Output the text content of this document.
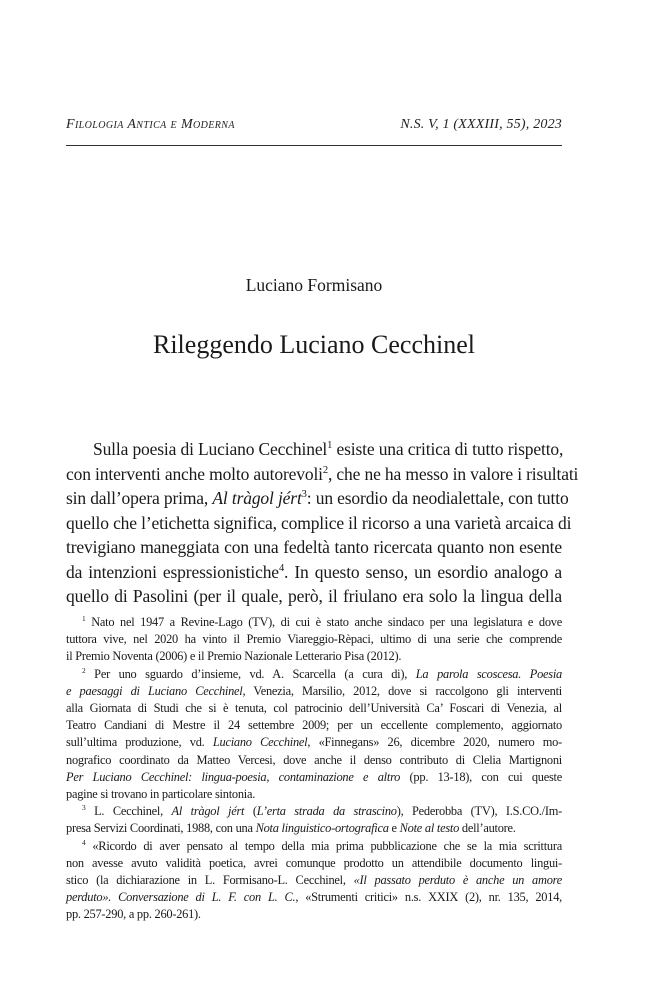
Filologia Antica e Moderna	N.S. V, 1 (XXXIII, 55), 2023
Luciano Formisano
Rileggendo Luciano Cecchinel
Sulla poesia di Luciano Cecchinel$^1$ esiste una critica di tutto rispetto,
con interventi anche molto autorevoli$^2$, che ne ha messo in valore i risultati
sin dall’opera prima, Al tràgol jért$^3$: un esordio da neodialettale, con tutto
quello che l’etichetta significa, complice il ricorso a una varietà arcaica di
trevigiano maneggiata con una fedeltà tanto ricercata quanto non esente
da intenzioni espressionistiche$^4$. In questo senso, un esordio analogo a
quello di Pasolini (per il quale, però, il friulano era solo la lingua della
$^1$ Nato nel 1947 a Revine-Lago (TV), di cui è stato anche sindaco per una legislatura e dove
tuttora vive, nel 2020 ha vinto il Premio Viareggio-Rèpaci, ultimo di una serie che comprende
il Premio Noventa (2006) e il Premio Nazionale Letterario Pisa (2012).
$^2$ Per uno sguardo d’insieme, vd. A. Scarcella (a cura di), La parola scoscesa. Poesia
e paesaggi di Luciano Cecchinel, Venezia, Marsilio, 2012, dove si raccolgono gli interventi
alla Giornata di Studi che si è tenuta, col patrocinio dell’Università Ca’ Foscari di Venezia, al
Teatro Candiani di Mestre il 24 settembre 2009; per un eccellente complemento, aggiornato
sull’ultima produzione, vd. Luciano Cecchinel, «Finnegans» 26, dicembre 2020, numero mo-
nografico coordinato da Matteo Vercesi, dove anche il denso contributo di Clelia Martignoni
Per Luciano Cecchinel: lingua-poesia, contaminazione e altro (pp. 13-18), con cui queste
pagine si trovano in particolare sintonia.
$^3$ L. Cecchinel, Al tràgol jért (L’erta strada da strascino), Pederobba (TV), I.S.CO./Im-
presa Servizi Coordinati, 1988, con una Nota linguistico-ortografica e Note al testo dell’autore.
$^4$ «Ricordo di aver pensato al tempo della mia prima pubblicazione che se la mia scrittura
non avesse avuto validità poetica, avrei comunque prodotto un attendibile documento lingui-
stico (la dichiarazione in L. Formisano-L. Cecchinel, «Il passato perduto è anche un amore
perduto». Conversazione di L. F. con L. C., «Strumenti critici» n.s. XXIX (2), nr. 135, 2014,
pp. 257-290, a pp. 260-261).
